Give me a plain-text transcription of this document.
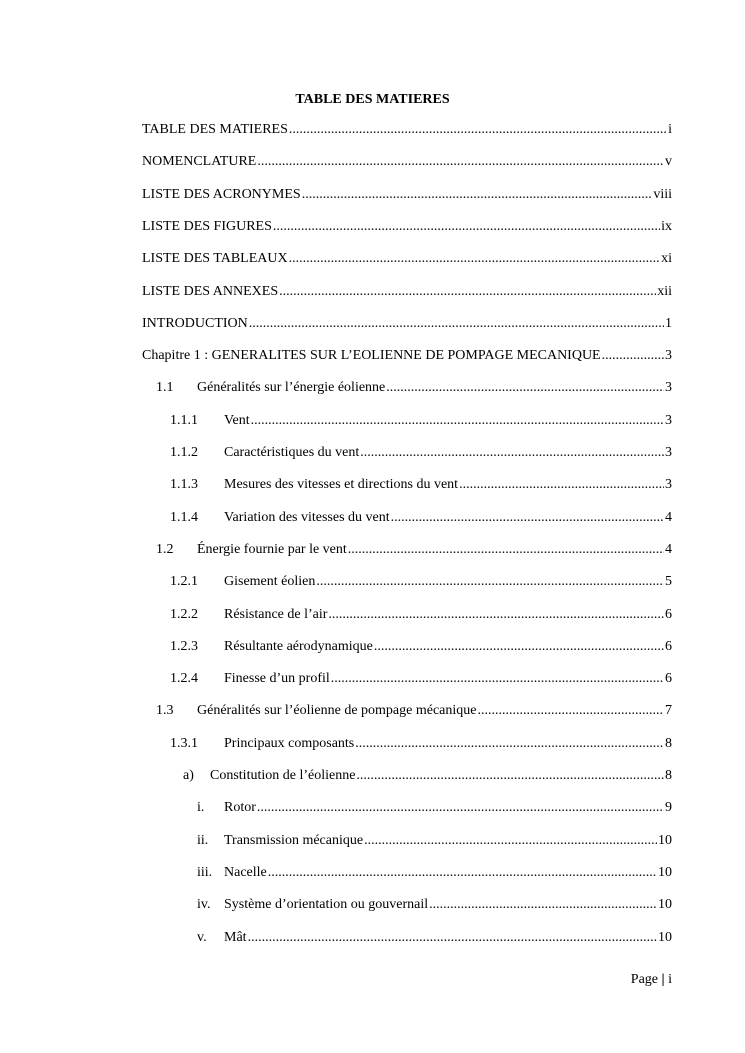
TABLE DES MATIERES
TABLE DES MATIERES .....	i
NOMENCLATURE .....	v
LISTE DES ACRONYMES .....	viii
LISTE DES FIGURES .....	ix
LISTE DES TABLEAUX .....	xi
LISTE DES ANNEXES .....	xii
INTRODUCTION .....	1
Chapitre 1 : GENERALITES SUR L’EOLIENNE DE POMPAGE MECANIQUE .....	3
1.1	Généralités sur l’énergie éolienne .....	3
1.1.1	Vent .....	3
1.1.2	Caractéristiques du vent .....	3
1.1.3	Mesures des vitesses et directions du vent .....	3
1.1.4	Variation des vitesses du vent .....	4
1.2	Énergie fournie par le vent .....	4
1.2.1	Gisement éolien .....	5
1.2.2	Résistance de l’air .....	6
1.2.3	Résultante aérodynamique .....	6
1.2.4	Finesse d’un profil .....	6
1.3	Généralités sur l’éolienne de pompage mécanique .....	7
1.3.1	Principaux composants .....	8
a)	Constitution de l’éolienne .....	8
i.	Rotor .....	9
ii.	Transmission mécanique .....	10
iii. Nacelle .....	10
iv. Système d’orientation ou gouvernail .....	10
v.	Mât .....	10
Page | i
